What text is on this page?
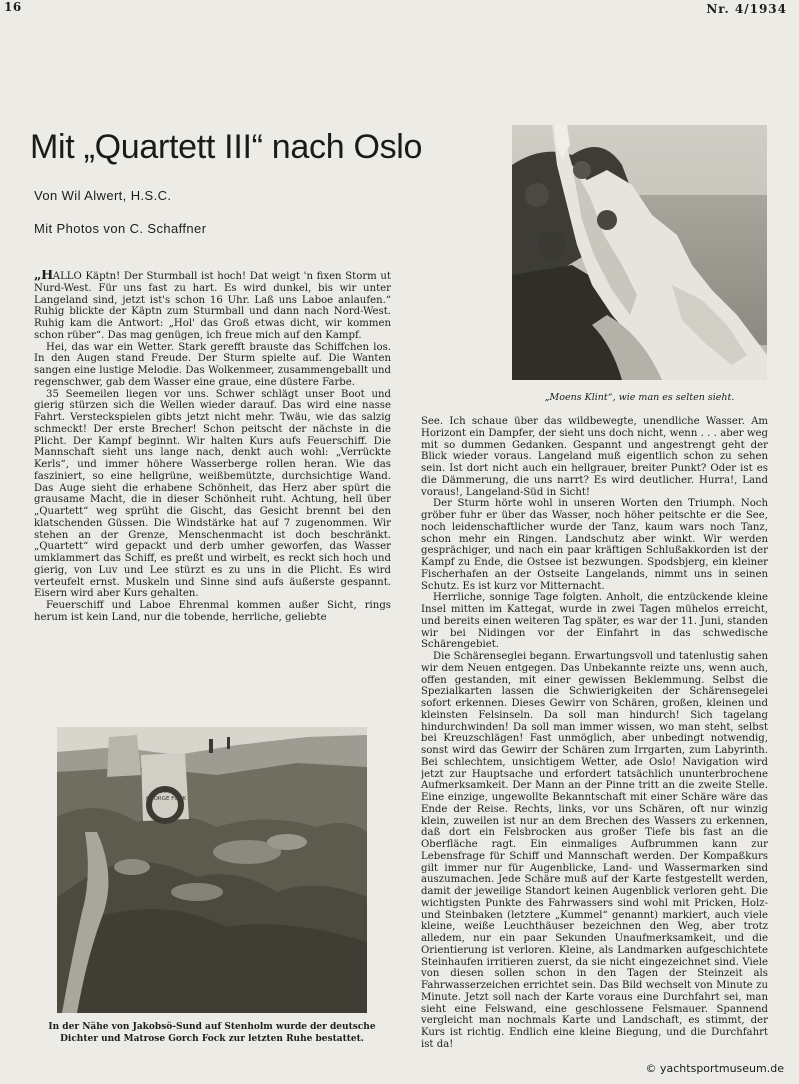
16	Nr. 4/1934
Mit „Quartett III“ nach Oslo
Von Wil Alwert, H.S.C.
Mit Photos von C. Schaffner
„Moens Klint“, wie man es selten sieht.

„HALLO Käptn! Der Sturmball ist hoch! Dat weigt 'n fixen Storm ut Nurd-West. Für uns fast zu hart. Es wird dunkel, bis wir unter Langeland sind, jetzt ist's schon 16 Uhr. Laß uns Laboe anlaufen.“ Ruhig blickte der Käptn zum Sturmball und dann nach Nord-West. Ruhig kam die Antwort: „Hol' das Groß etwas dicht, wir kommen schon rüber“. Das mag genügen, ich freue mich auf den Kampf.

Hei, das war ein Wetter. Stark gerefft brauste das Schiffchen los. In den Augen stand Freude. Der Sturm spielte auf. Die Wanten sangen eine lustige Melodie. Das Wolkenmeer, zusammengeballt und regenschwer, gab dem Wasser eine graue, eine düstere Farbe.

35 Seemeilen liegen vor uns. Schwer schlägt unser Boot und gierig stürzen sich die Wellen wieder darauf. Das wird eine nasse Fahrt. Versteckspielen gibts jetzt nicht mehr. Twäu, wie das salzig schmeckt! Der erste Brecher! Schon peitscht der nächste in die Plicht. Der Kampf beginnt. Wir halten Kurs aufs Feuerschiff. Die Mannschaft sieht uns lange nach, denkt auch wohl: „Verrückte Kerls“, und immer höhere Wasserberge rollen heran. Wie das fasziniert, so eine hellgrüne, weißbemützte, durchsichtige Wand. Das Auge sieht die erhabene Schönheit, das Herz aber spürt die grausame Macht, die in dieser Schönheit ruht. Achtung, hell über „Quartett“ weg sprüht die Gischt, das Gesicht brennt bei den klatschenden Güssen. Die Windstärke hat auf 7 zugenommen. Wir stehen an der Grenze, Menschenmacht ist doch beschränkt. „Quartett“ wird gepackt und derb umher geworfen, das Wasser umklammert das Schiff, es preßt und wirbelt, es reckt sich hoch und gierig, von Luv und Lee stürzt es zu uns in die Plicht. Es wird verteufelt ernst. Muskeln und Sinne sind aufs äußerste gespannt. Eisern wird aber Kurs gehalten.

Feuerschiff und Laboe Ehrenmal kommen außer Sicht, rings herum ist kein Land, nur die tobende, herrliche, geliebte

See. Ich schaue über das wildbewegte, unendliche Wasser. Am Horizont ein Dampfer, der sieht uns doch nicht, wenn . . . aber weg mit so dummen Gedanken. Gespannt und angestrengt geht der Blick wieder voraus. Langeland muß eigentlich schon zu sehen sein. Ist dort nicht auch ein hellgrauer, breiter Punkt? Oder ist es die Dämmerung, die uns narrt? Es wird deutlicher. Hurra!, Land voraus!, Langeland-Süd in Sicht!

Der Sturm hörte wohl in unseren Worten den Triumph. Noch gröber fuhr er über das Wasser, noch höher peitschte er die See, noch leidenschaftlicher wurde der Tanz, kaum wars noch Tanz, schon mehr ein Ringen. Landschutz aber winkt. Wir werden gesprächiger, und nach ein paar kräftigen Schlußakkorden ist der Kampf zu Ende, die Ostsee ist bezwungen. Spodsbjerg, ein kleiner Fischerhafen an der Ostseite Langelands, nimmt uns in seinen Schutz. Es ist kurz vor Mitternacht.

Herrliche, sonnige Tage folgten. Anholt, die entzückende kleine Insel mitten im Kattegat, wurde in zwei Tagen mühelos erreicht, und bereits einen weiteren Tag später, es war der 11. Juni, standen wir bei Nidingen vor der Einfahrt in das schwedische Schärengebiet.

Die Schärenseglei begann. Erwartungsvoll und tatenlustig sahen wir dem Neuen entgegen. Das Unbekannte reizte uns, wenn auch, offen gestanden, mit einer gewissen Beklemmung. Selbst die Spezialkarten lassen die Schwierigkeiten der Schärensegelei sofort erkennen. Dieses Gewirr von Schären, großen, kleinen und kleinsten Felsinseln. Da soll man hindurch! Sich tagelang hindurchwinden! Da soll man immer wissen, wo man steht, selbst bei Kreuzschlägen! Fast unmöglich, aber unbedingt notwendig, sonst wird das Gewirr der Schären zum Irrgarten, zum Labyrinth. Bei schlechtem, unsichtigem Wetter, ade Oslo! Navigation wird jetzt zur Hauptsache und erfordert tatsächlich ununterbrochene Aufmerksamkeit. Der Mann an der Pinne tritt an die zweite Stelle. Eine einzige, ungewollte Bekanntschaft mit einer Schäre wäre das Ende der Reise. Rechts, links, vor uns Schären, oft nur winzig klein, zuweilen ist nur an dem Brechen des Wassers zu erkennen, daß dort ein Felsbrocken aus großer Tiefe bis fast an die Oberfläche ragt. Ein einmaliges Aufbrummen kann zur Lebensfrage für Schiff und Mannschaft werden. Der Kompaßkurs gilt immer nur für Augenblicke, Land- und Wassermarken sind auszumachen. Jede Schäre muß auf der Karte festgestellt werden, damit der jeweilige Standort keinen Augenblick verloren geht. Die wichtigsten Punkte des Fahrwassers sind wohl mit Pricken, Holz- und Steinbaken (letztere „Kummel“ genannt) markiert, auch viele kleine, weiße Leuchthäuser bezeichnen den Weg, aber trotz alledem, nur ein paar Sekunden Unaufmerksamkeit, und die Orientierung ist verloren. Kleine, als Landmarken aufgeschichtete Steinhaufen irritieren zuerst, da sie nicht eingezeichnet sind. Viele von diesen sollen schon in den Tagen der Steinzeit als Fahrwasserzeichen errichtet sein. Das Bild wechselt von Minute zu Minute. Jetzt soll nach der Karte voraus eine Durchfahrt sei, man sieht eine Felswand, eine geschlossene Felsmauer. Spannend vergleicht man nochmals Karte und Landschaft, es stimmt, der Kurs ist richtig. Endlich eine kleine Biegung, und die Durchfahrt ist da!

KAMO
GEORGE FOCK
In der Nähe von Jakobsö-Sund auf Stenholm wurde der deutsche Dichter und Matrose Gorch Fock zur letzten Ruhe bestattet.
© yachtsportmuseum.de
